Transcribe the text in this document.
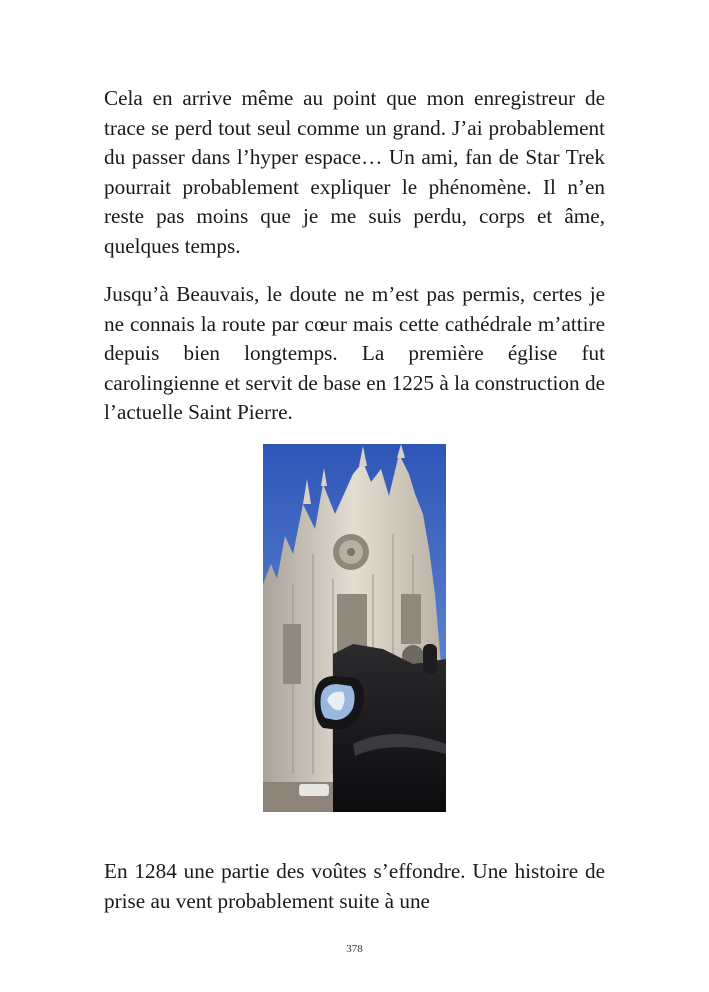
Cela en arrive même au point que mon enregistreur de trace se perd tout seul comme un grand. J’ai probablement du passer dans l’hyper espace… Un ami, fan de Star Trek pourrait probablement expliquer le phénomène. Il n’en reste pas moins que je me suis perdu, corps et âme, quelques temps.

Jusqu’à Beauvais, le doute ne m’est pas permis, certes je ne connais la route par cœur mais cette cathédrale m’attire depuis bien longtemps. La première église fut carolingienne et servit de base en 1225 à la construction de l’actuelle Saint Pierre.

En 1284 une partie des voûtes s’effondre. Une histoire de prise au vent probablement suite à une

378
